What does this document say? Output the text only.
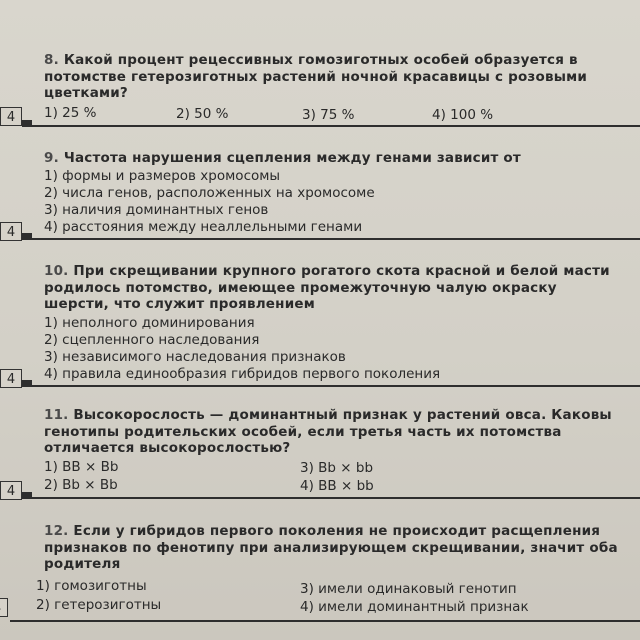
8. Какой процент рецессивных гомозиготных особей образуется в потомстве гетерозиготных растений ночной красавицы с розовыми цветками?
4	1) 25 %	2) 50 %	3) 75 %	4) 100 %
9. Частота нарушения сцепления между генами зависит от
1) формы и размеров хромосомы
2) числа генов, расположенных на хромосоме
3) наличия доминантных генов
4) расстояния между неаллельными генами
4
10. При скрещивании крупного рогатого скота красной и белой масти родилось потомство, имеющее промежуточную чалую окраску шерсти, что служит проявлением
1) неполного доминирования
2) сцепленного наследования
3) независимого наследования признаков
4) правила единообразия гибридов первого поколения
4
11. Высокорослость — доминантный признак у растений овса. Каковы генотипы родительских особей, если третья часть их потомства отличается высокорослостью?
1) BB × Bb
2) Bb × Bb
3) Bb × bb
4) BB × bb
4
12. Если у гибридов первого поколения не происходит расщепления признаков по фенотипу при анализирующем скрещивании, значит оба родителя
1) гомозиготны
2) гетерозиготны
3) имели одинаковый генотип
4) имели доминантный признак
